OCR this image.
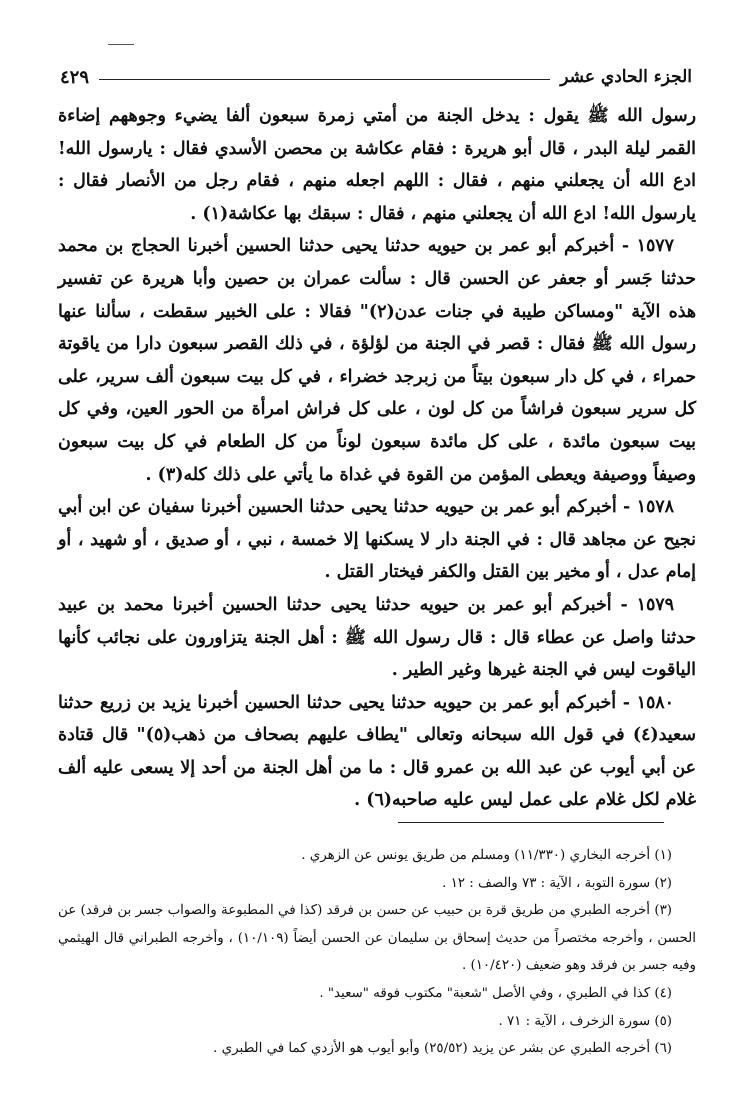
الجزء الحادي عشر
٤٢٩

رسول الله ﷺ يقول : يدخل الجنة من أمتي زمرة سبعون ألفا يضيء وجوههم إضاءة القمر ليلة البدر ، قال أبو هريرة : فقام عكاشة بن محصن الأسدي فقال : يارسول الله! ادع الله أن يجعلني منهم ، فقال : اللهم اجعله منهم ، فقام رجل من الأنصار فقال : يارسول الله! ادع الله أن يجعلني منهم ، فقال : سبقك بها عكاشة(١) .

١٥٧٧ - أخبركم أبو عمر بن حيويه حدثنا يحيى حدثنا الحسين أخبرنا الحجاج بن محمد حدثنا جَسر أو جعفر عن الحسن قال : سألت عمران بن حصين وأبا هريرة عن تفسير هذه الآية "ومساكن طيبة في جنات عدن(٢)" فقالا : على الخبير سقطت ، سألنا عنها رسول الله ﷺ فقال : قصر في الجنة من لؤلؤة ، في ذلك القصر سبعون دارا من ياقوتة حمراء ، في كل دار سبعون بيتاً من زبرجد خضراء ، في كل بيت سبعون ألف سرير، على كل سرير سبعون فراشاً من كل لون ، على كل فراش امرأة من الحور العين، وفي كل بيت سبعون مائدة ، على كل مائدة سبعون لوناً من كل الطعام في كل بيت سبعون وصيفاً ووصيفة ويعطى المؤمن من القوة في غداة ما يأتي على ذلك كله(٣) .

١٥٧٨ - أخبركم أبو عمر بن حيويه حدثنا يحيى حدثنا الحسين أخبرنا سفيان عن ابن أبي نجيح عن مجاهد قال : في الجنة دار لا يسكنها إلا خمسة ، نبي ، أو صديق ، أو شهيد ، أو إمام عدل ، أو مخير بين القتل والكفر فيختار القتل .

١٥٧٩ - أخبركم أبو عمر بن حيويه حدثنا يحيى حدثنا الحسين أخبرنا محمد بن عبيد حدثنا واصل عن عطاء قال : قال رسول الله ﷺ : أهل الجنة يتزاورون على نجائب كأنها الياقوت ليس في الجنة غيرها وغير الطير .

١٥٨٠ - أخبركم أبو عمر بن حيويه حدثنا يحيى حدثنا الحسين أخبرنا يزيد بن زريع حدثنا سعيد(٤) في قول الله سبحانه وتعالى "يطاف عليهم بصحاف من ذهب(٥)" قال قتادة عن أبي أيوب عن عبد الله بن عمرو قال : ما من أهل الجنة من أحد إلا يسعى عليه ألف غلام لكل غلام على عمل ليس عليه صاحبه(٦) .

(١) أخرجه البخاري (١١/٣٣٠) ومسلم من طريق يونس عن الزهري .

(٢) سورة التوبة ، الآية : ٧٣ والصف : ١٢ .

(٣) أخرجه الطبري من طريق قرة بن حبيب عن حسن بن فرقد (كذا في المطبوعة والصواب جسر بن فرقد) عن الحسن ، وأخرجه مختصراً من حديث إسحاق بن سليمان عن الحسن أيضاً (١٠/١٠٩) ، وأخرجه الطبراني قال الهيثمي وفيه جسر بن فرقد وهو ضعيف (١٠/٤٢٠) .

(٤) كذا في الطبري ، وفي الأصل "شعبة" مكتوب فوقه "سعيد" .

(٥) سورة الزخرف ، الآية : ٧١ .

(٦) أخرجه الطبري عن بشر عن يزيد (٢٥/٥٢) وأبو أيوب هو الأزدي كما في الطبري .
